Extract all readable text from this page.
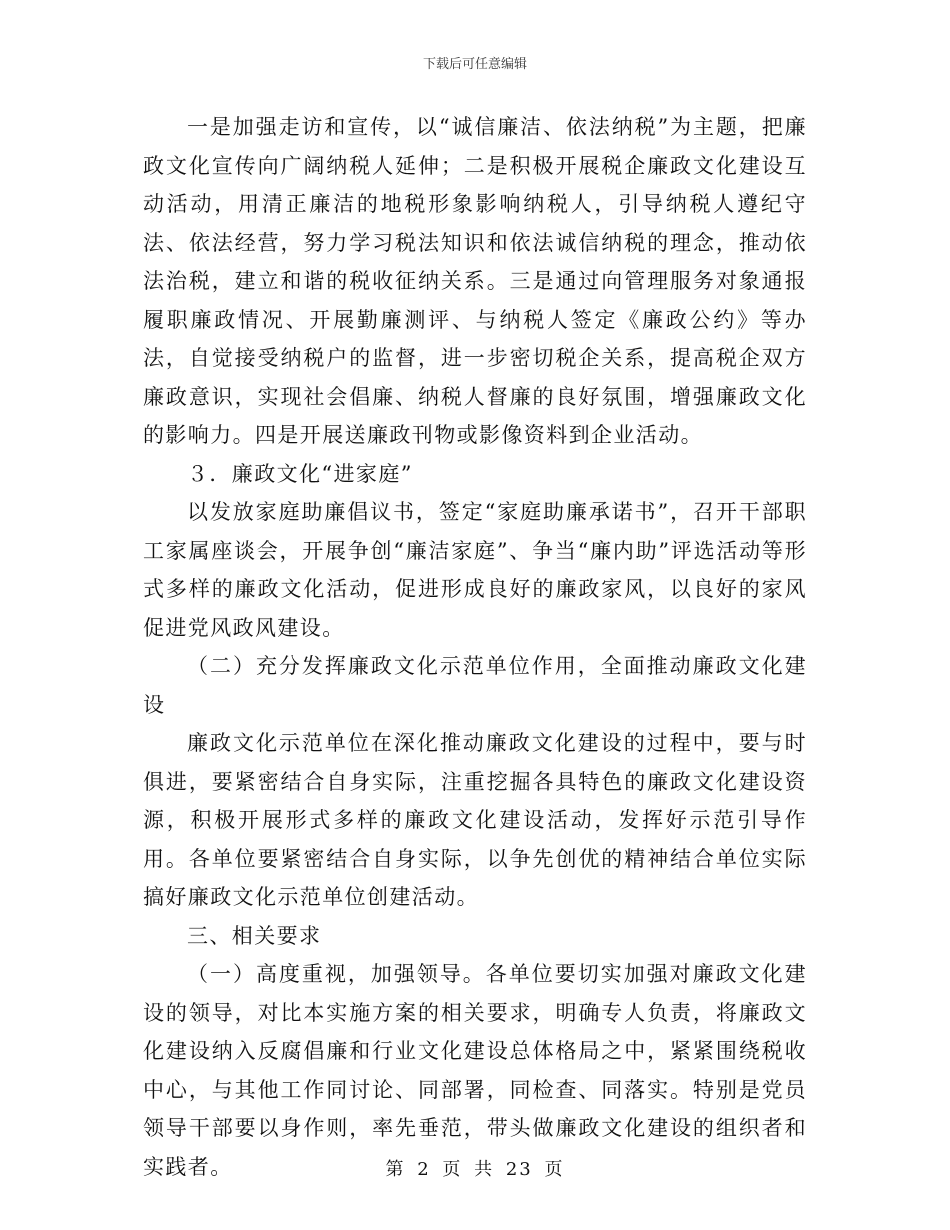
下载后可任意编辑

一是加强走访和宣传，以“诚信廉洁、依法纳税”为主题，把廉政文化宣传向广阔纳税人延伸；二是积极开展税企廉政文化建设互动活动，用清正廉洁的地税形象影响纳税人，引导纳税人遵纪守法、依法经营，努力学习税法知识和依法诚信纳税的理念，推动依法治税，建立和谐的税收征纳关系。三是通过向管理服务对象通报履职廉政情况、开展勤廉测评、与纳税人签定《廉政公约》等办法，自觉接受纳税户的监督，进一步密切税企关系，提高税企双方廉政意识，实现社会倡廉、纳税人督廉的良好氛围，增强廉政文化的影响力。四是开展送廉政刊物或影像资料到企业活动。

３．廉政文化“进家庭”

以发放家庭助廉倡议书，签定“家庭助廉承诺书”，召开干部职工家属座谈会，开展争创“廉洁家庭”、争当“廉内助”评选活动等形式多样的廉政文化活动，促进形成良好的廉政家风，以良好的家风促进党风政风建设。

（二）充分发挥廉政文化示范单位作用，全面推动廉政文化建设

廉政文化示范单位在深化推动廉政文化建设的过程中，要与时俱进，要紧密结合自身实际，注重挖掘各具特色的廉政文化建设资源，积极开展形式多样的廉政文化建设活动，发挥好示范引导作用。各单位要紧密结合自身实际，以争先创优的精神结合单位实际搞好廉政文化示范单位创建活动。

三、相关要求

（一）高度重视，加强领导。各单位要切实加强对廉政文化建设的领导，对比本实施方案的相关要求，明确专人负责，将廉政文化建设纳入反腐倡廉和行业文化建设总体格局之中，紧紧围绕税收中心，与其他工作同讨论、同部署，同检查、同落实。特别是党员领导干部要以身作则，率先垂范，带头做廉政文化建设的组织者和实践者。	第 2 页 共 23 页
